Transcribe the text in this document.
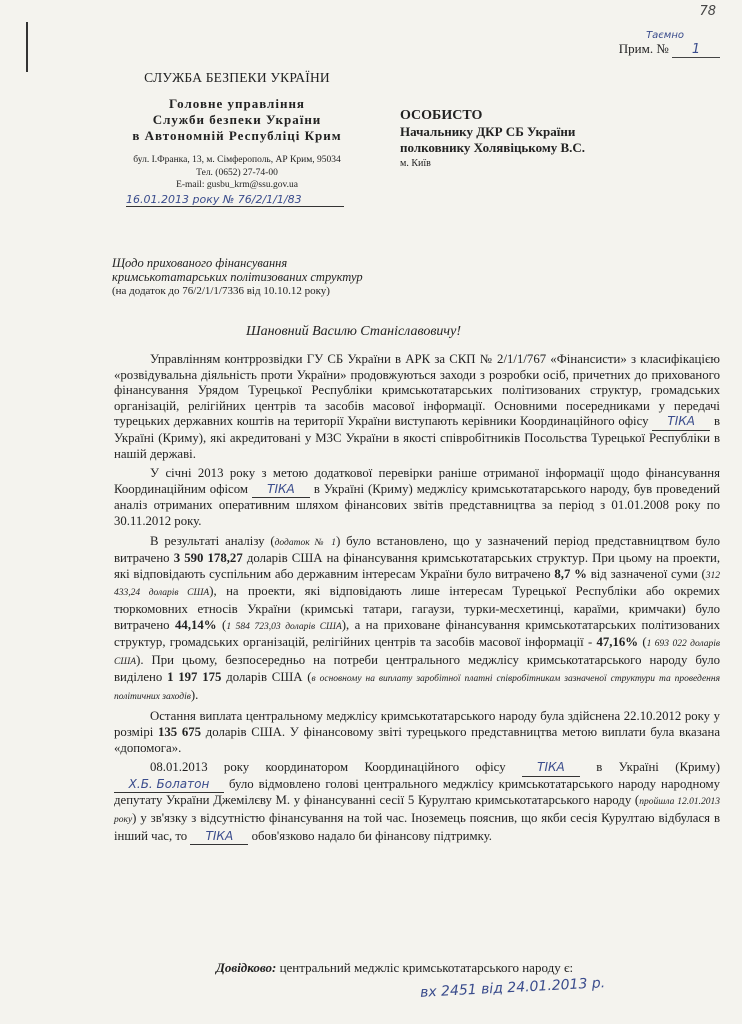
78
Таємно
Прим. № 1
СЛУЖБА БЕЗПЕКИ УКРАЇНИ
Головне управління
Служби безпеки України
в Автономній Республіці Крим
бул. І.Франка, 13, м. Сімферополь, АР Крим, 95034
Тел. (0652) 27-74-00
E-mail: gusbu_krm@ssu.gov.ua
16.01.2013 року № 76/2/1/1/83
ОСОБИСТО
Начальнику ДКР СБ України
полковнику Холявіцькому В.С.
м. Київ
Щодо прихованого фінансування
кримськотатарських політизованих структур
(на додаток до 76/2/1/1/7336 від 10.10.12 року)
Шановний Василю Станіславовичу!

Управлінням контррозвідки ГУ СБ України в АРК за СКП № 2/1/1/767 «Фінансисти» з класифікацією «розвідувальна діяльність проти України» продовжуються заходи з розробки осіб, причетних до прихованого фінансування Урядом Турецької Республіки кримськотатарських політизованих структур, громадських організацій, релігійних центрів та засобів масової інформації. Основними посередниками у передачі турецьких державних коштів на території України виступають керівники Координаційного офісу ТІКА в Україні (Криму), які акредитовані у МЗС України в якості співробітників Посольства Турецької Республіки в нашій державі.

У січні 2013 року з метою додаткової перевірки раніше отриманої інформації щодо фінансування Координаційним офісом ТІКА в Україні (Криму) меджлісу кримськотатарського народу, був проведений аналіз отриманих оперативним шляхом фінансових звітів представництва за період з 01.01.2008 року по 30.11.2012 року.

В результаті аналізу (додаток № 1) було встановлено, що у зазначений період представництвом було витрачено 3 590 178,27 доларів США на фінансування кримськотатарських структур. При цьому на проекти, які відповідають суспільним або державним інтересам України було витрачено 8,7 % від зазначеної суми (312 433,24 доларів США), на проекти, які відповідають лише інтересам Турецької Республіки або окремих тюркомовних етносів України (кримські татари, гагаузи, турки-месхетинці, караїми, кримчаки) було витрачено 44,14% (1 584 723,03 доларів США), а на приховане фінансування кримськотатарських політизованих структур, громадських організацій, релігійних центрів та засобів масової інформації - 47,16% (1 693 022 доларів США). При цьому, безпосередньо на потреби центрального меджлісу кримськотатарського народу було виділено 1 197 175 доларів США (в основному на виплату заробітної платні співробітникам зазначеної структури та проведення політичних заходів).

Остання виплата центральному меджлісу кримськотатарського народу була здійснена 22.10.2012 року у розмірі 135 675 доларів США. У фінансовому звіті турецького представництва метою виплати була вказана «допомога».

08.01.2013 року координатором Координаційного офісу	ТІКА в Україні (Криму) Х.Б. Болатон було відмовлено голові центрального меджлісу кримськотатарського народу народному депутату України Джемілєву М. у фінансуванні сесії 5 Курултаю кримськотатарського народу (пройшла 12.01.2013 року) у зв'язку з відсутністю фінансування на той час. Іноземець пояснив, що якби сесія Курултаю відбулася в інший час, то ТІКА обов'язково надало би фінансову підтримку.

Довідково: центральний меджліс кримськотатарського народу є:
вх 2451 від 24.01.2013 р.
